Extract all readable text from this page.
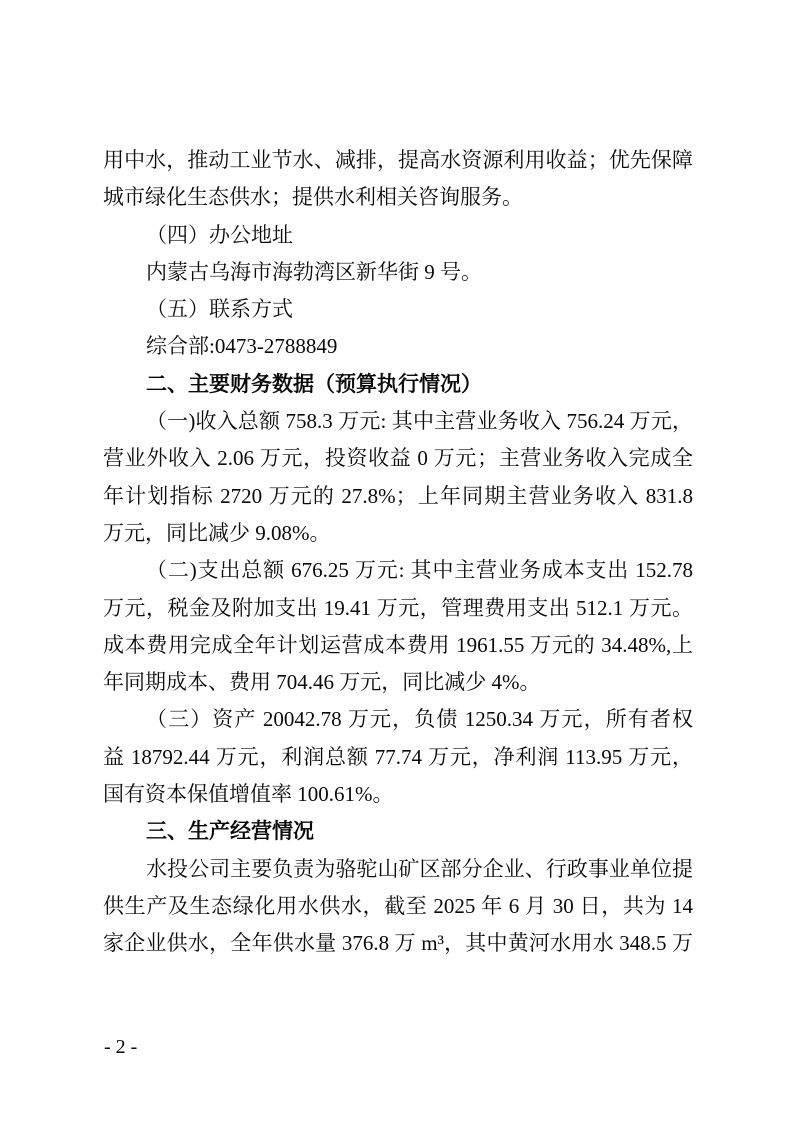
用中水，推动工业节水、减排，提高水资源利用收益；优先保障
城市绿化生态供水；提供水利相关咨询服务。
（四）办公地址
内蒙古乌海市海勃湾区新华街 9 号。
（五）联系方式
综合部:0473-2788849
二、主要财务数据（预算执行情况）
（一)收入总额 758.3 万元: 其中主营业务收入 756.24 万元，
营业外收入 2.06 万元，投资收益 0 万元；主营业务收入完成全
年计划指标 2720 万元的 27.8%；上年同期主营业务收入 831.8
万元，同比减少 9.08%。
（二)支出总额 676.25 万元: 其中主营业务成本支出 152.78
万元，税金及附加支出 19.41 万元，管理费用支出 512.1 万元。
成本费用完成全年计划运营成本费用 1961.55 万元的 34.48%,上
年同期成本、费用 704.46 万元，同比减少 4%。
（三）资产 20042.78 万元，负债 1250.34 万元，所有者权
益 18792.44 万元，利润总额 77.74 万元，净利润 113.95 万元，
国有资本保值增值率 100.61%。
三、生产经营情况
水投公司主要负责为骆驼山矿区部分企业、行政事业单位提
供生产及生态绿化用水供水，截至 2025 年 6 月 30 日，共为 14
家企业供水，全年供水量 376.8 万 m³，其中黄河水用水 348.5 万
- 2 -
